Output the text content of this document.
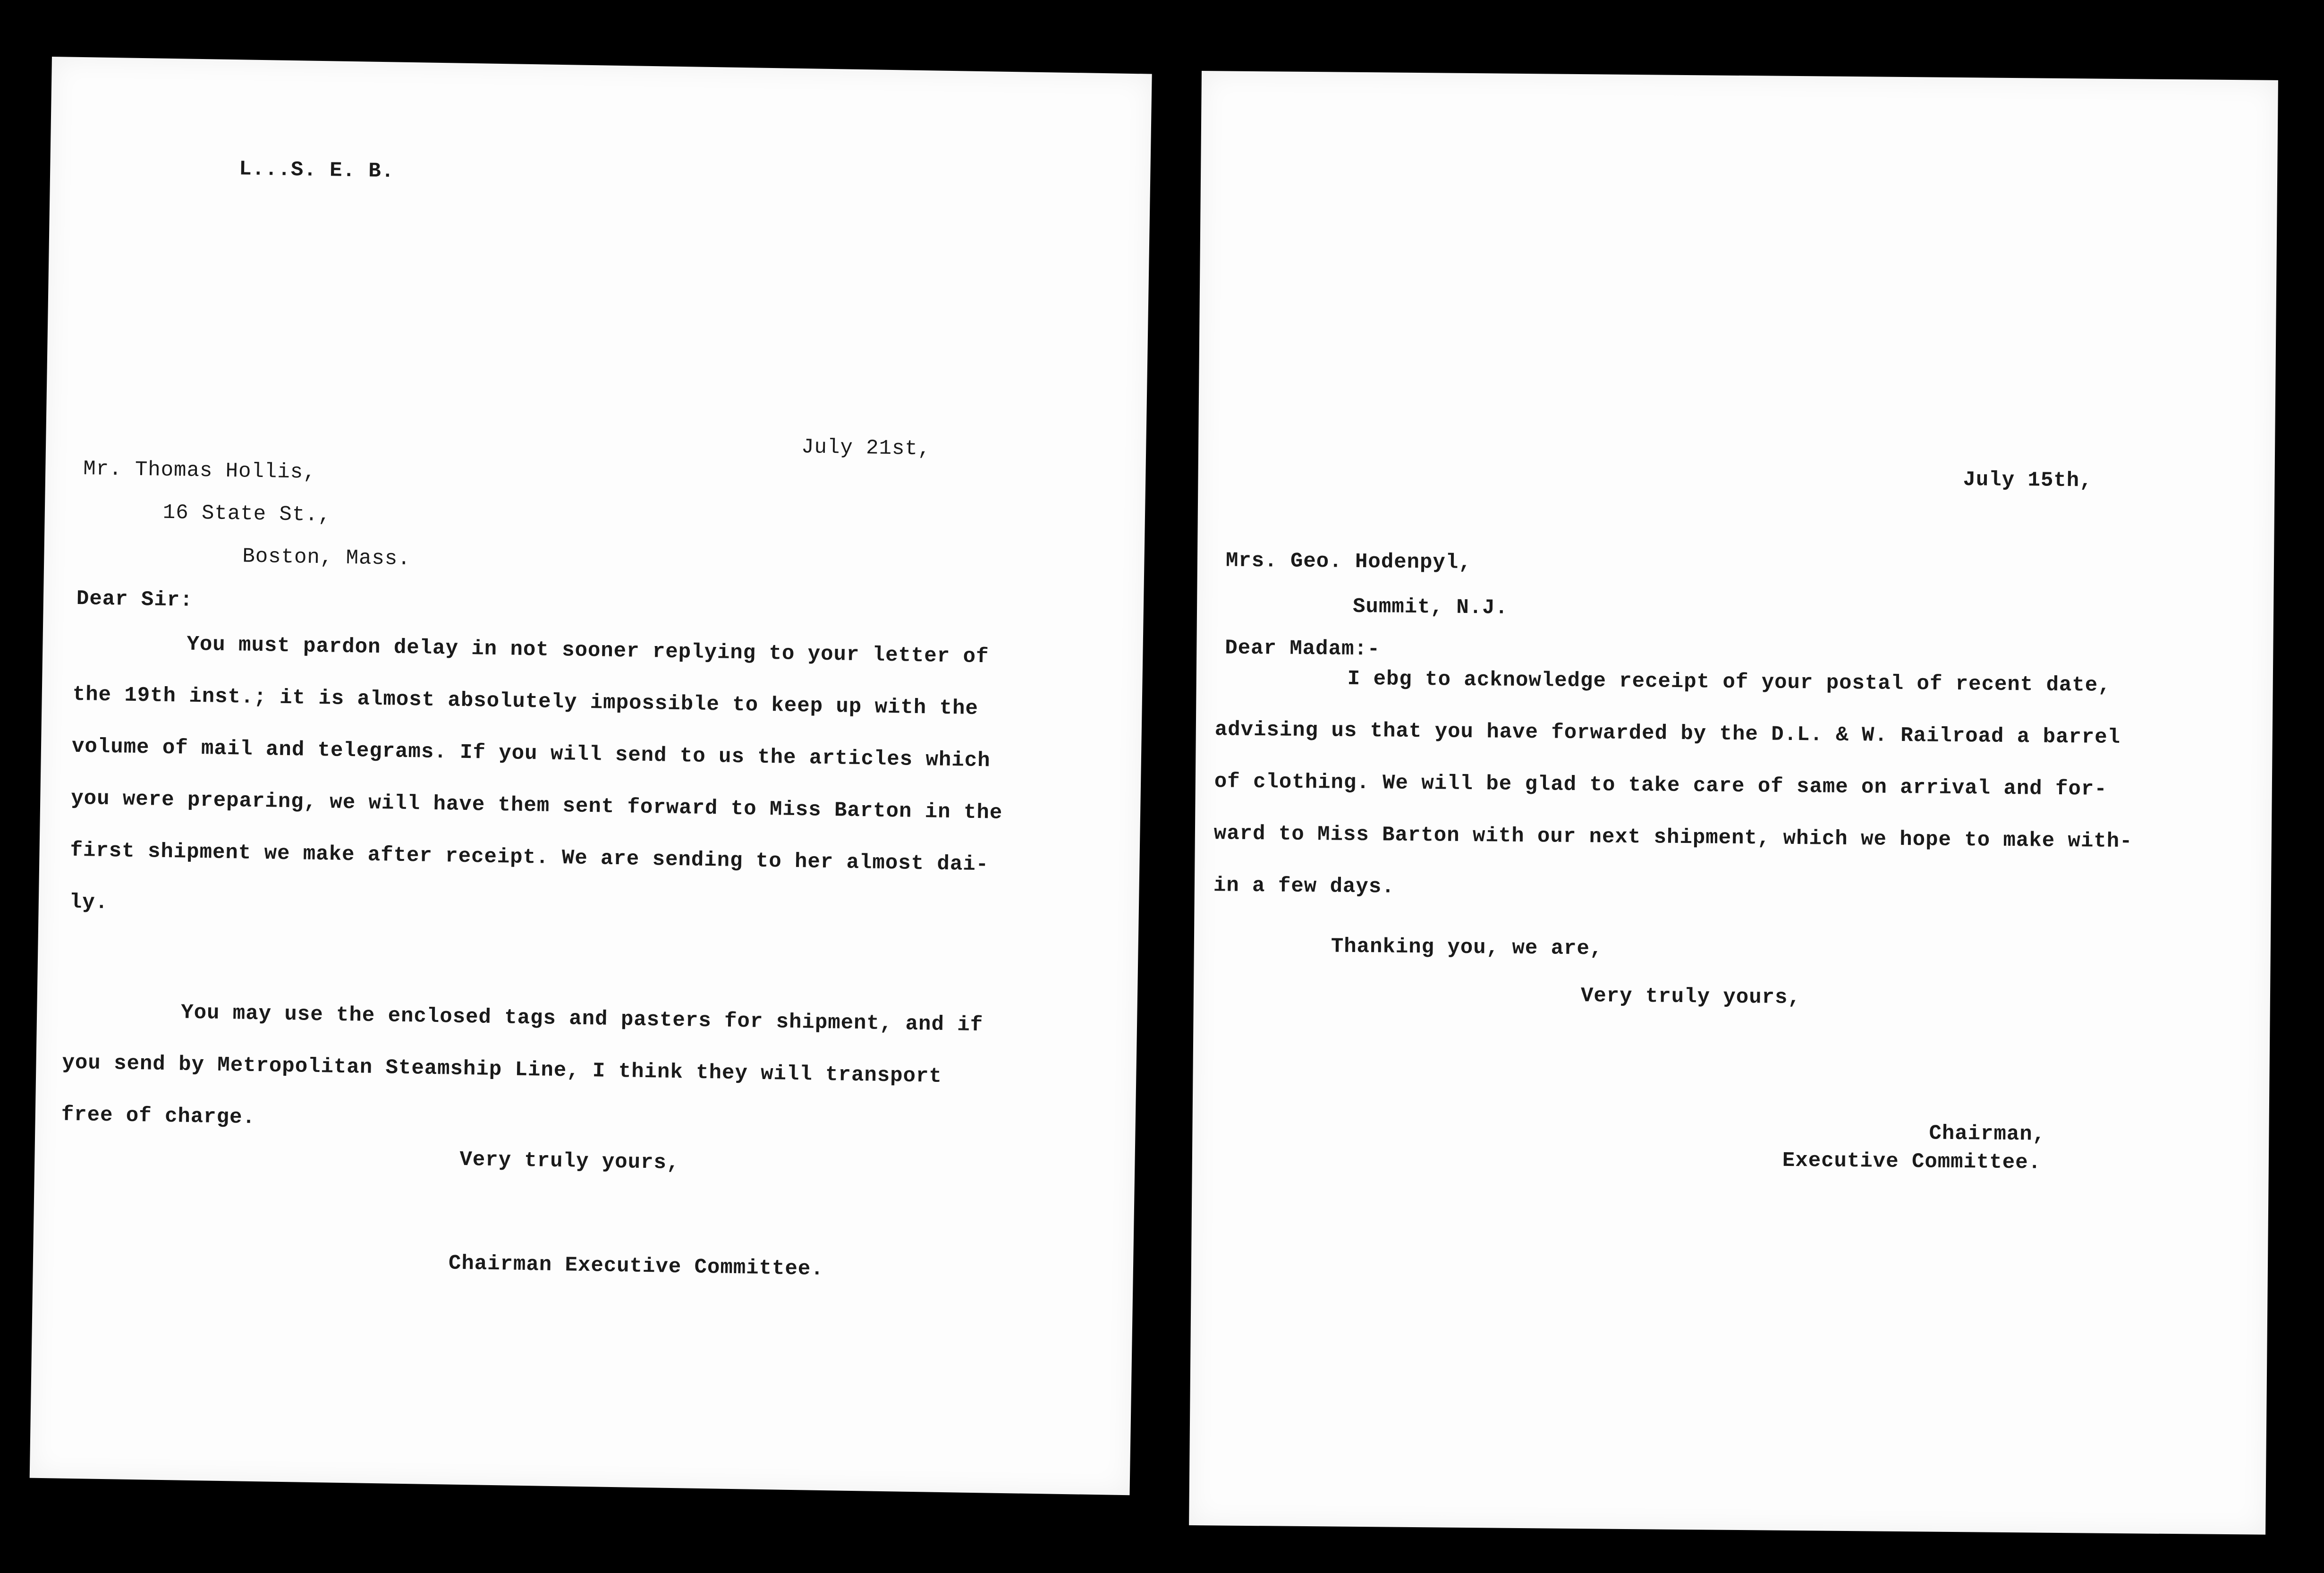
L...S. E. B.
July 21st,
Mr. Thomas Hollis,
16 State St.,
Boston, Mass.
Dear Sir:
You must pardon delay in not sooner replying to your letter of
the 19th inst.; it is almost absolutely impossible to keep up with the
volume of mail and telegrams. If you will send to us the articles which
you were preparing, we will have them sent forward to Miss Barton in the
first shipment we make after receipt. We are sending to her almost dai-
ly.
You may use the enclosed tags and pasters for shipment, and if
you send by Metropolitan Steamship Line, I think they will transport
free of charge.
Very truly yours,
Chairman Executive Committee.
July 15th,
Mrs. Geo. Hodenpyl,
Summit, N.J.
Dear Madam:-
I ebg to acknowledge receipt of your postal of recent date,
advising us that you have forwarded by the D.L. & W. Railroad a barrel
of clothing. We will be glad to take care of same on arrival and for-
ward to Miss Barton with our next shipment, which we hope to make with-
in a few days.
Thanking you, we are,
Very truly yours,
Chairman,
Executive Committee.
